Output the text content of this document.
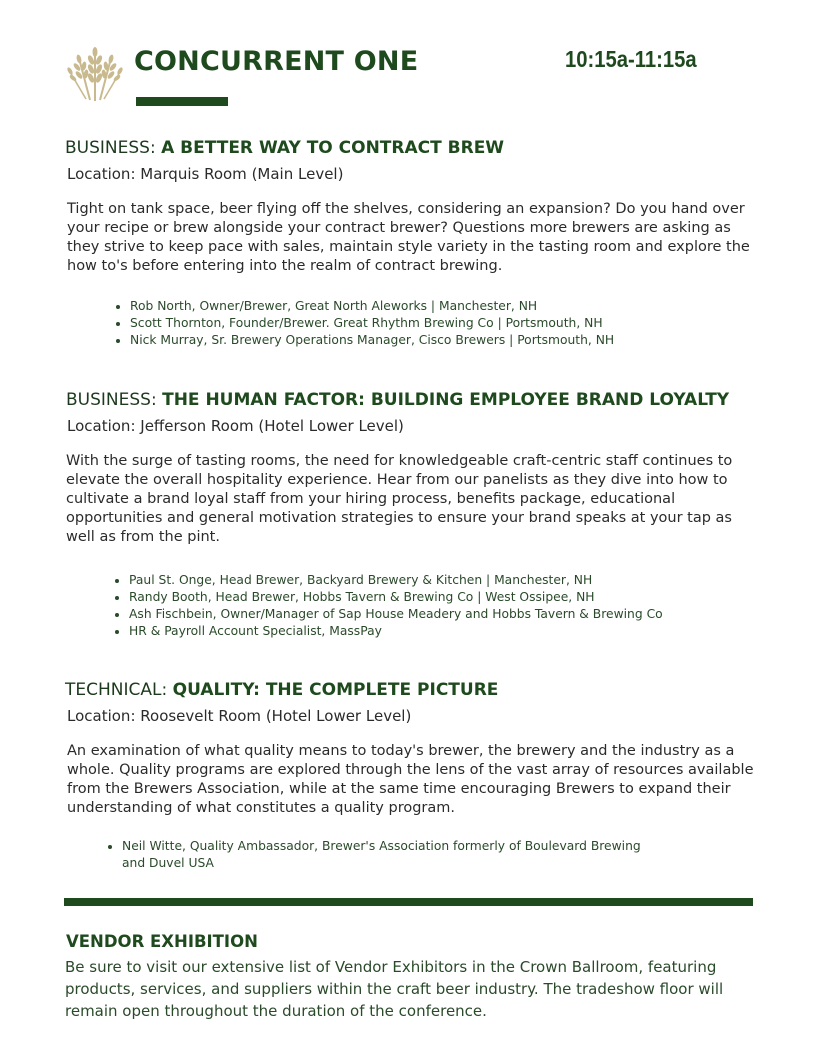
CONCURRENT ONE	10:15a-11:15a
BUSINESS: A BETTER WAY TO CONTRACT BREW
Location: Marquis Room (Main Level)
Tight on tank space, beer flying off the shelves, considering an expansion? Do you hand over your recipe or brew alongside your contract brewer? Questions more brewers are asking as they strive to keep pace with sales, maintain style variety in the tasting room and explore the how to's before entering into the realm of contract brewing.
• Rob North, Owner/Brewer, Great North Aleworks | Manchester, NH
• Scott Thornton, Founder/Brewer. Great Rhythm Brewing Co | Portsmouth, NH
• Nick Murray, Sr. Brewery Operations Manager, Cisco Brewers | Portsmouth, NH
BUSINESS: THE HUMAN FACTOR: BUILDING EMPLOYEE BRAND LOYALTY
Location: Jefferson Room (Hotel Lower Level)
With the surge of tasting rooms, the need for knowledgeable craft-centric staff continues to elevate the overall hospitality experience. Hear from our panelists as they dive into how to cultivate a brand loyal staff from your hiring process, benefits package, educational opportunities and general motivation strategies to ensure your brand speaks at your tap as well as from the pint.
• Paul St. Onge, Head Brewer, Backyard Brewery & Kitchen | Manchester, NH
• Randy Booth, Head Brewer, Hobbs Tavern & Brewing Co | West Ossipee, NH
• Ash Fischbein, Owner/Manager of Sap House Meadery and Hobbs Tavern & Brewing Co
• HR & Payroll Account Specialist, MassPay
TECHNICAL: QUALITY: THE COMPLETE PICTURE
Location: Roosevelt Room (Hotel Lower Level)
An examination of what quality means to today's brewer, the brewery and the industry as a whole. Quality programs are explored through the lens of the vast array of resources available from the Brewers Association, while at the same time encouraging Brewers to expand their understanding of what constitutes a quality program.
• Neil Witte, Quality Ambassador, Brewer's Association formerly of Boulevard Brewing
and Duvel USA
VENDOR EXHIBITION
Be sure to visit our extensive list of Vendor Exhibitors in the Crown Ballroom, featuring products, services, and suppliers within the craft beer industry. The tradeshow floor will remain open throughout the duration of the conference.
